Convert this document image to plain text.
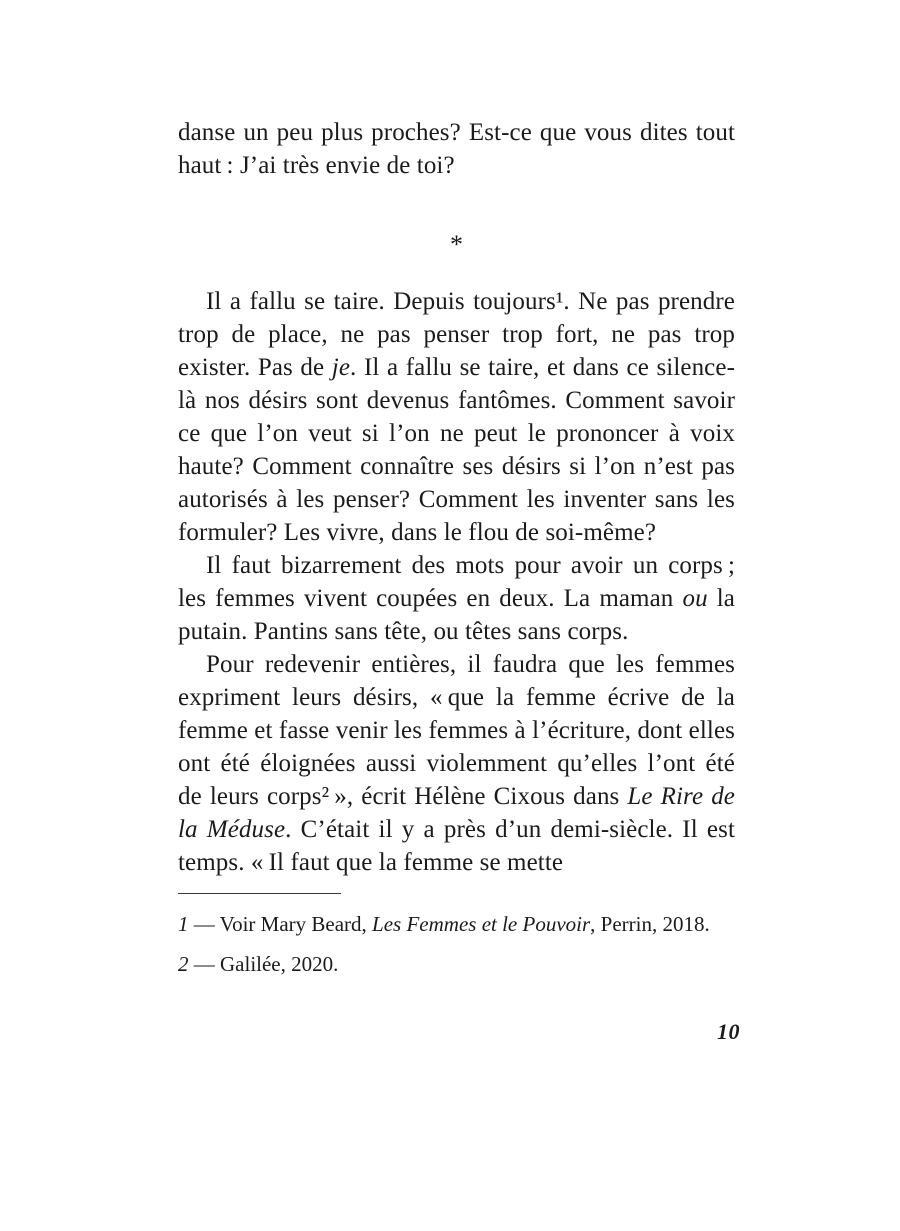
danse un peu plus proches? Est-ce que vous dites tout haut : J’ai très envie de toi?

*

Il a fallu se taire. Depuis toujours¹. Ne pas prendre trop de place, ne pas penser trop fort, ne pas trop exister. Pas de je. Il a fallu se taire, et dans ce silence-là nos désirs sont devenus fantômes. Comment savoir ce que l’on veut si l’on ne peut le prononcer à voix haute? Comment connaître ses désirs si l’on n’est pas autorisés à les penser? Comment les inventer sans les formuler? Les vivre, dans le flou de soi-même?

Il faut bizarrement des mots pour avoir un corps ; les femmes vivent coupées en deux. La maman ou la putain. Pantins sans tête, ou têtes sans corps.

Pour redevenir entières, il faudra que les femmes expriment leurs désirs, « que la femme écrive de la femme et fasse venir les femmes à l’écriture, dont elles ont été éloignées aussi violemment qu’elles l’ont été de leurs corps² », écrit Hélène Cixous dans Le Rire de la Méduse. C’était il y a près d’un demi-siècle. Il est temps. « Il faut que la femme se mette

1 — Voir Mary Beard, Les Femmes et le Pouvoir, Perrin, 2018.

2 — Galilée, 2020.

10
